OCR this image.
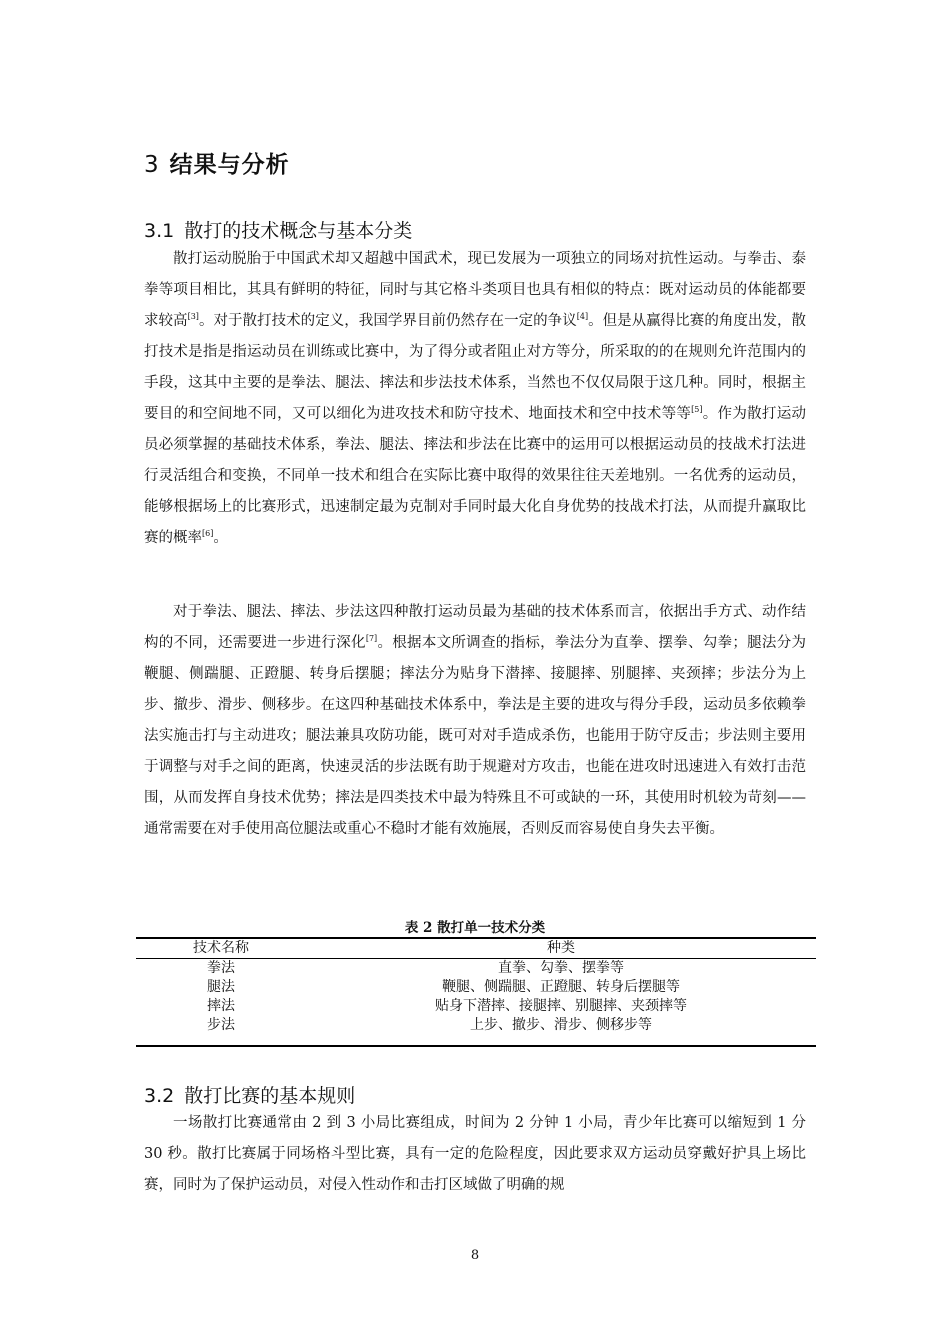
3 结果与分析
3.1 散打的技术概念与基本分类
散打运动脱胎于中国武术却又超越中国武术，现已发展为一项独立的同场对抗性运动。与拳击、泰拳等项目相比，其具有鲜明的特征，同时与其它格斗类项目也具有相似的特点：既对运动员的体能都要求较高[3]。对于散打技术的定义，我国学界目前仍然存在一定的争议[4]。但是从赢得比赛的角度出发，散打技术是指是指运动员在训练或比赛中，为了得分或者阻止对方等分，所采取的的在规则允许范围内的手段，这其中主要的是拳法、腿法、摔法和步法技术体系，当然也不仅仅局限于这几种。同时，根据主要目的和空间地不同，又可以细化为进攻技术和防守技术、地面技术和空中技术等等[5]。作为散打运动员必须掌握的基础技术体系，拳法、腿法、摔法和步法在比赛中的运用可以根据运动员的技战术打法进行灵活组合和变换，不同单一技术和组合在实际比赛中取得的效果往往天差地别。一名优秀的运动员，能够根据场上的比赛形式，迅速制定最为克制对手同时最大化自身优势的技战术打法，从而提升赢取比赛的概率[6]。
对于拳法、腿法、摔法、步法这四种散打运动员最为基础的技术体系而言，依据出手方式、动作结构的不同，还需要进一步进行深化[7]。根据本文所调查的指标，拳法分为直拳、摆拳、勾拳；腿法分为鞭腿、侧踹腿、正蹬腿、转身后摆腿；摔法分为贴身下潜摔、接腿摔、别腿摔、夹颈摔；步法分为上步、撤步、滑步、侧移步。在这四种基础技术体系中，拳法是主要的进攻与得分手段，运动员多依赖拳法实施击打与主动进攻；腿法兼具攻防功能，既可对对手造成杀伤，也能用于防守反击；步法则主要用于调整与对手之间的距离，快速灵活的步法既有助于规避对方攻击，也能在进攻时迅速进入有效打击范围，从而发挥自身技术优势；摔法是四类技术中最为特殊且不可或缺的一环，其使用时机较为苛刻——通常需要在对手使用高位腿法或重心不稳时才能有效施展，否则反而容易使自身失去平衡。
表 2 散打单一技术分类
技术名称	种类
拳法	直拳、勾拳、摆拳等
腿法	鞭腿、侧踹腿、正蹬腿、转身后摆腿等
摔法	贴身下潜摔、接腿摔、别腿摔、夹颈摔等
步法	上步、撤步、滑步、侧移步等
3.2 散打比赛的基本规则
一场散打比赛通常由 2 到 3 小局比赛组成，时间为 2 分钟 1 小局，青少年比赛可以缩短到 1 分 30 秒。散打比赛属于同场格斗型比赛，具有一定的危险程度，因此要求双方运动员穿戴好护具上场比赛，同时为了保护运动员，对侵入性动作和击打区域做了明确的规
8
